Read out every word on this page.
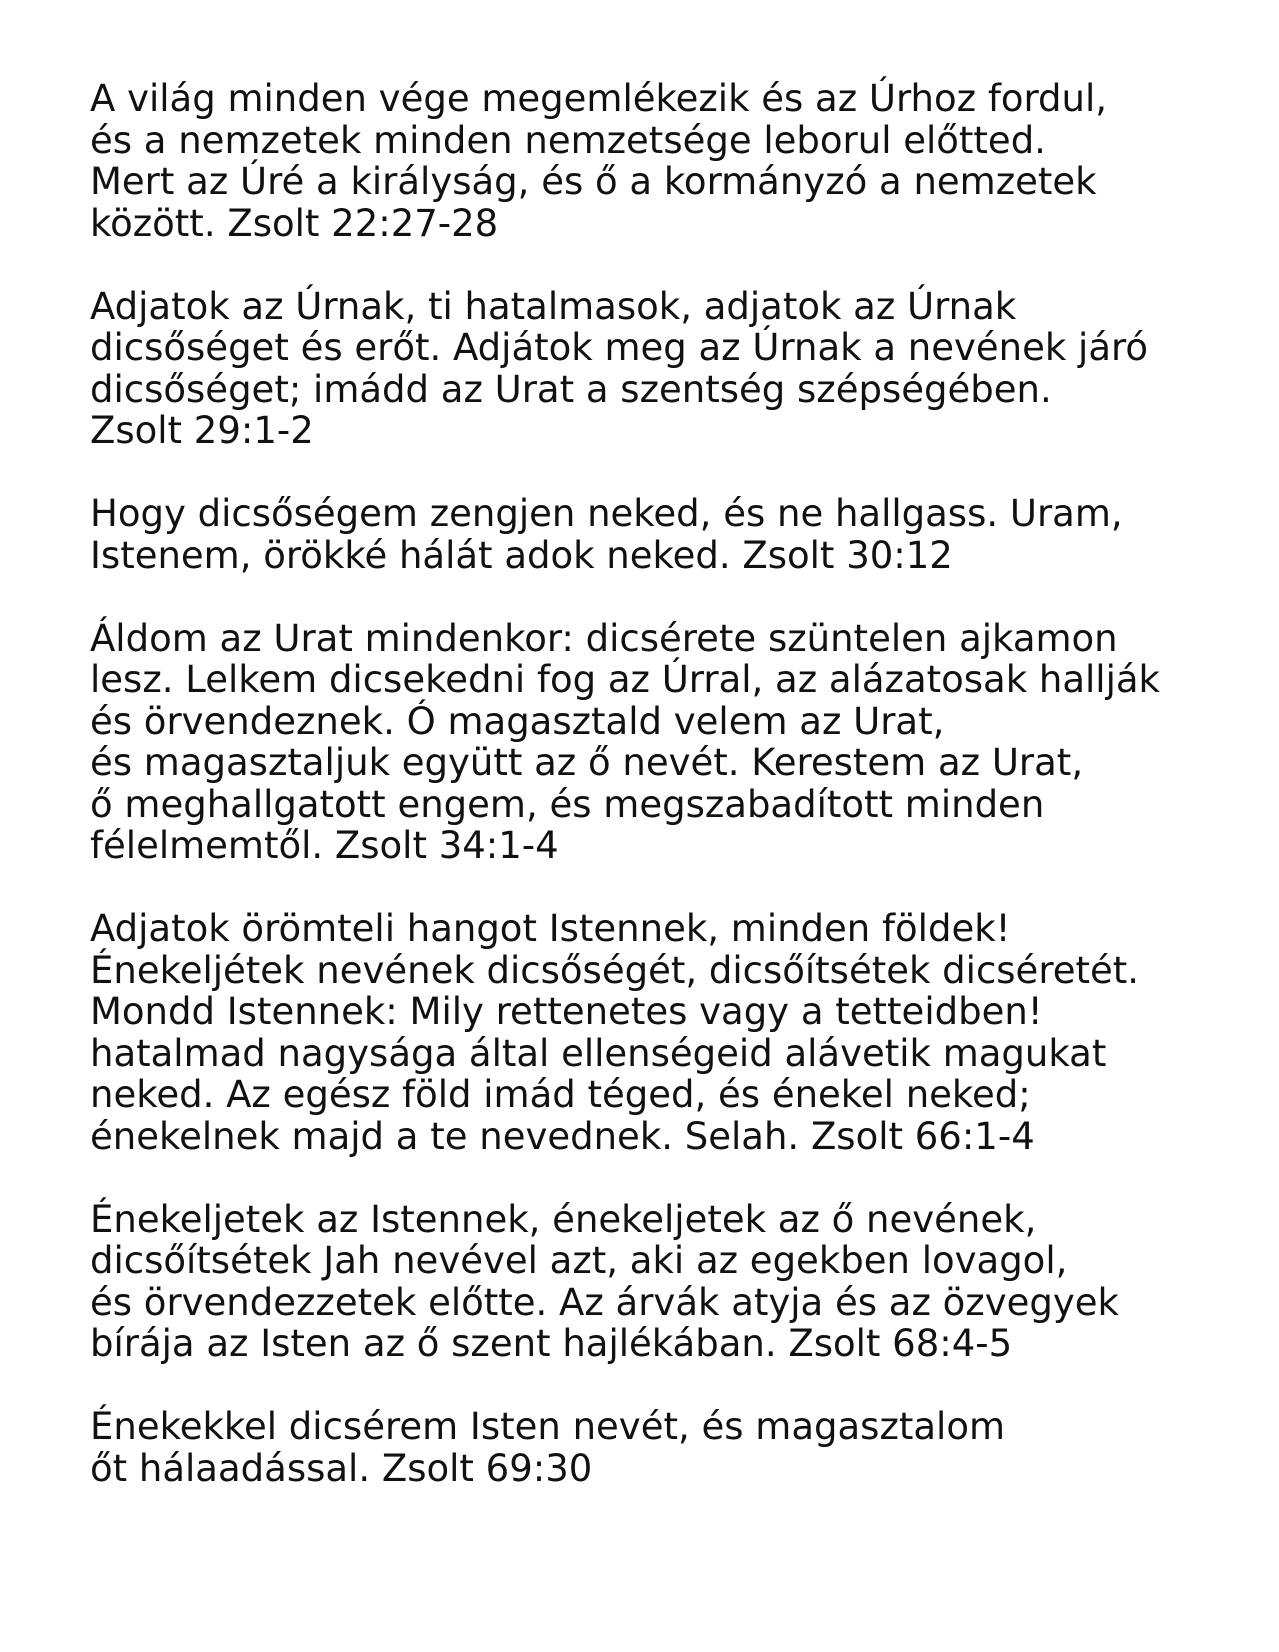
A világ minden vége megemlékezik és az Úrhoz fordul,
és a nemzetek minden nemzetsége leborul előtted.
Mert az Úré a királyság, és ő a kormányzó a nemzetek
között. Zsolt 22:27-28
Adjatok az Úrnak, ti hatalmasok, adjatok az Úrnak
dicsőséget és erőt. Adjátok meg az Úrnak a nevének járó
dicsőséget; imádd az Urat a szentség szépségében.
Zsolt 29:1-2
Hogy dicsőségem zengjen neked, és ne hallgass. Uram,
Istenem, örökké hálát adok neked. Zsolt 30:12
Áldom az Urat mindenkor: dicsérete szüntelen ajkamon
lesz. Lelkem dicsekedni fog az Úrral, az alázatosak hallják
és örvendeznek. Ó magasztald velem az Urat,
és magasztaljuk együtt az ő nevét. Kerestem az Urat,
ő meghallgatott engem, és megszabadított minden
félelmemtől. Zsolt 34:1-4
Adjatok örömteli hangot Istennek, minden földek!
Énekeljétek nevének dicsőségét, dicsőítsétek dicséretét.
Mondd Istennek: Mily rettenetes vagy a tetteidben!
hatalmad nagysága által ellenségeid alávetik magukat
neked. Az egész föld imád téged, és énekel neked;
énekelnek majd a te nevednek. Selah. Zsolt 66:1-4
Énekeljetek az Istennek, énekeljetek az ő nevének,
dicsőítsétek Jah nevével azt, aki az egekben lovagol,
és örvendezzetek előtte. Az árvák atyja és az özvegyek
bírája az Isten az ő szent hajlékában. Zsolt 68:4-5
Énekekkel dicsérem Isten nevét, és magasztalom
őt hálaadással. Zsolt 69:30
